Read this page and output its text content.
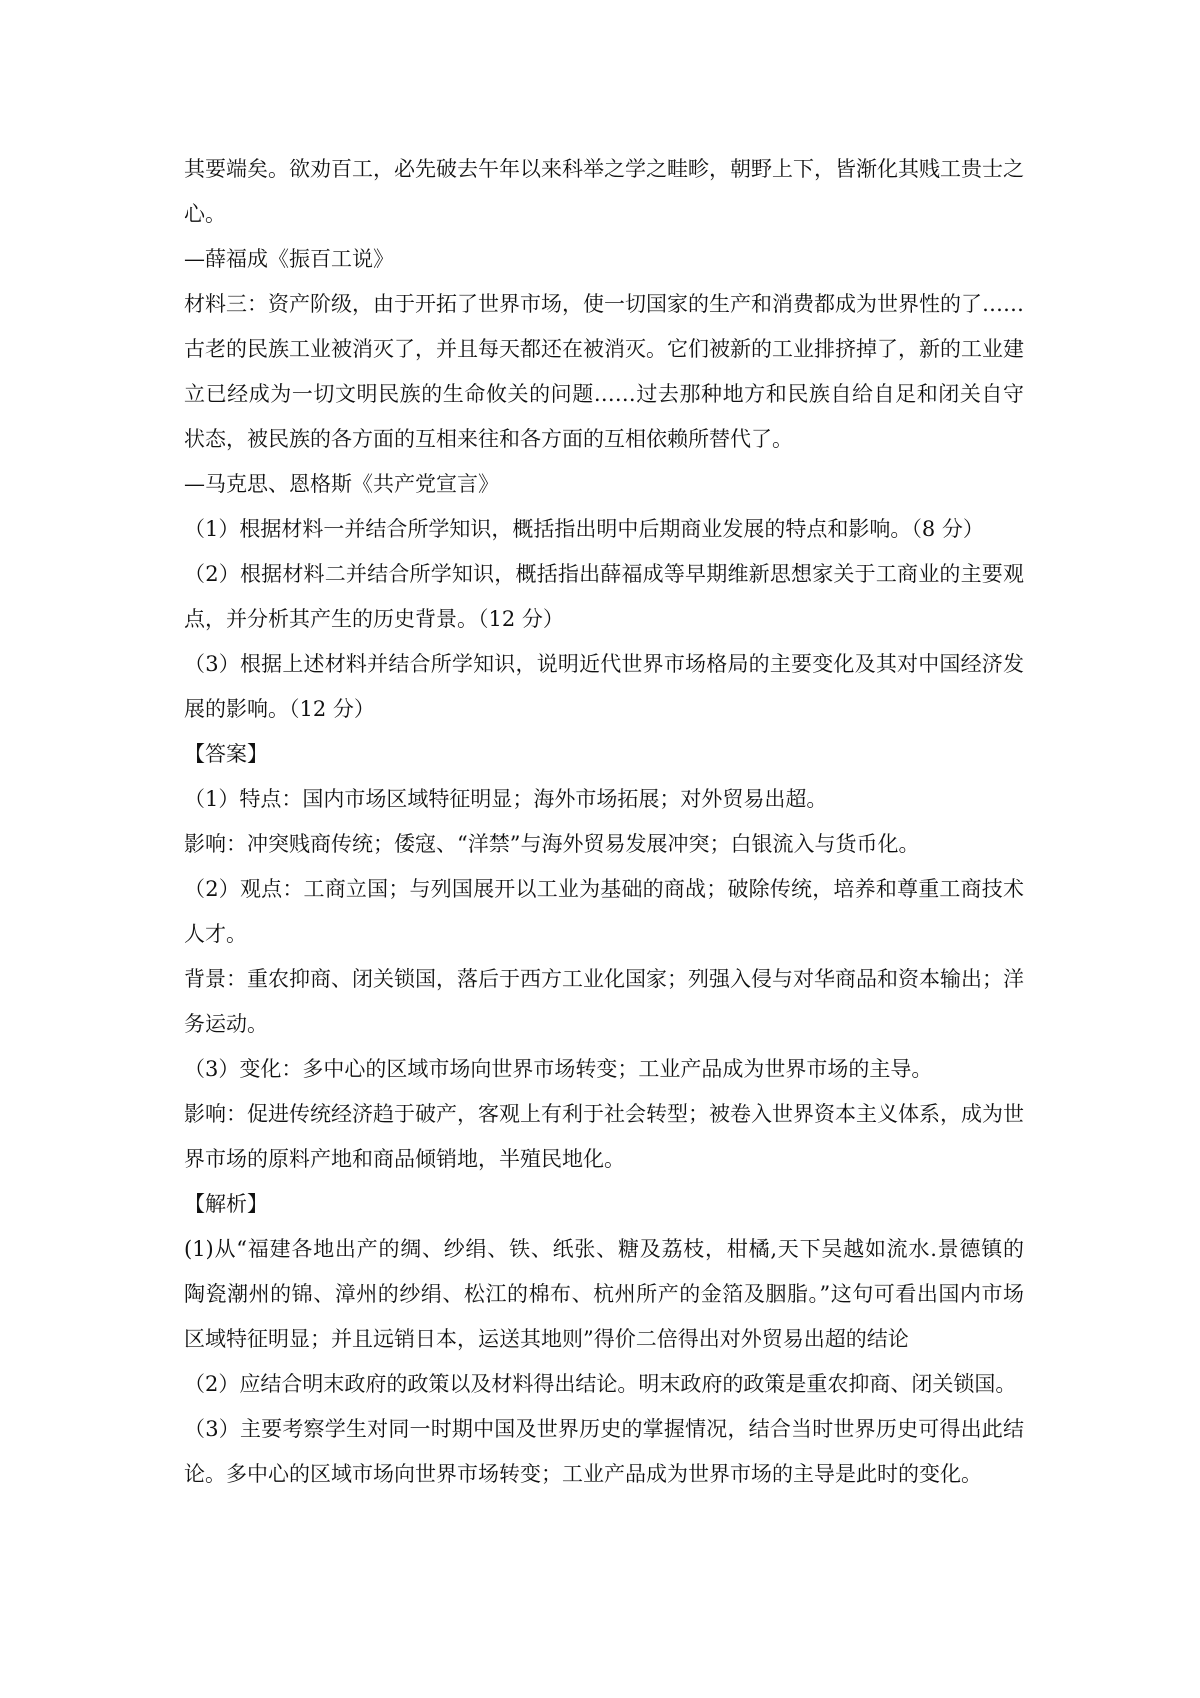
其要端矣。欲劝百工，必先破去午年以来科举之学之畦畛，朝野上下，皆渐化其贱工贵士之
心。
—薛福成《振百工说》
材料三：资产阶级，由于开拓了世界市场，使一切国家的生产和消费都成为世界性的了……
古老的民族工业被消灭了，并且每天都还在被消灭。它们被新的工业排挤掉了，新的工业建
立已经成为一切文明民族的生命攸关的问题……过去那种地方和民族自给自足和闭关自守
状态，被民族的各方面的互相来往和各方面的互相依赖所替代了。
—马克思、恩格斯《共产党宣言》
（1）根据材料一并结合所学知识，概括指出明中后期商业发展的特点和影响。（8 分）
（2）根据材料二并结合所学知识，概括指出薛福成等早期维新思想家关于工商业的主要观
点，并分析其产生的历史背景。（12 分）
（3）根据上述材料并结合所学知识，说明近代世界市场格局的主要变化及其对中国经济发
展的影响。（12 分）
【答案】
（1）特点：国内市场区域特征明显；海外市场拓展；对外贸易出超。
影响：冲突贱商传统；倭寇、“洋禁”与海外贸易发展冲突；白银流入与货币化。
（2）观点：工商立国；与列国展开以工业为基础的商战；破除传统，培养和尊重工商技术
人才。
背景：重农抑商、闭关锁国，落后于西方工业化国家；列强入侵与对华商品和资本输出；洋
务运动。
（3）变化：多中心的区域市场向世界市场转变；工业产品成为世界市场的主导。
影响：促进传统经济趋于破产，客观上有利于社会转型；被卷入世界资本主义体系，成为世
界市场的原料产地和商品倾销地，半殖民地化。
【解析】
(1)从“福建各地出产的绸、纱绢、铁、纸张、糖及荔枝，柑橘,天下吴越如流水.景德镇的
陶瓷潮州的锦、漳州的纱绢、松江的棉布、杭州所产的金箔及胭脂。”这句可看出国内市场
区域特征明显；并且远销日本，运送其地则”得价二倍得出对外贸易出超的结论
（2）应结合明末政府的政策以及材料得出结论。明末政府的政策是重农抑商、闭关锁国。
（3）主要考察学生对同一时期中国及世界历史的掌握情况，结合当时世界历史可得出此结
论。多中心的区域市场向世界市场转变；工业产品成为世界市场的主导是此时的变化。
